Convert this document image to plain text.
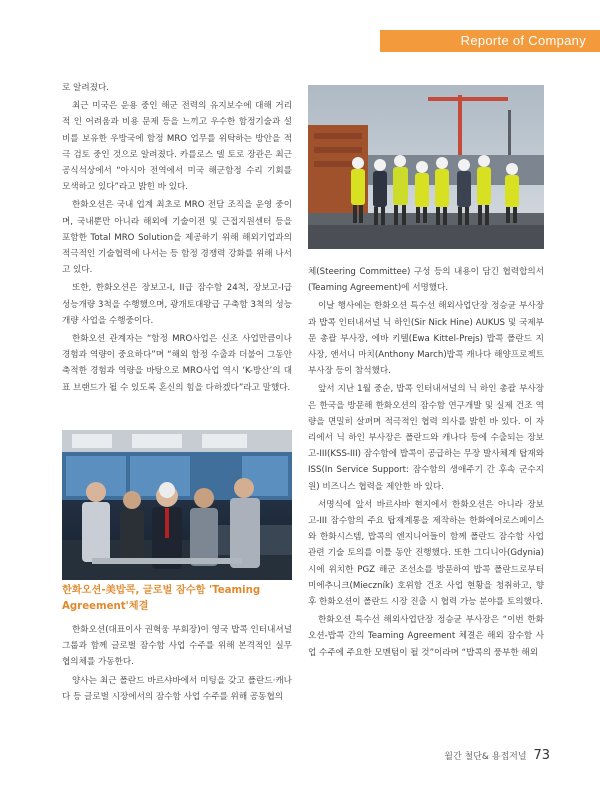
Reporte of Company

로 알려졌다.

최근 미국은 운용 중인 해군 전력의 유지보수에 대해 거리적 인 어려움과 비용 문제 등을 느끼고 우수한 함정기술과 설비를 보유한 우방국에 함정 MRO 업무를 위탁하는 방안을 적극 검토 중인 것으로 알려졌다. 카를로스 델 토로 장관은 최근 공식석상에서 “아시아 전역에서 미국 해군함정 수리 기회를 모색하고 있다”라고 밝힌 바 있다.

한화오션은 국내 업계 최초로 MRO 전담 조직을 운영 중이며, 국내뿐만 아니라 해외에 기술이전 및 근접지원센터 등을 포함한 Total MRO Solution을 제공하기 위해 해외기업과의 적극적인 기술협력에 나서는 등 함정 경쟁력 강화를 위해 나서고 있다.

또한, 한화오션은 장보고-I, II급 잠수함 24척, 장보고-I급 성능개량 3척을 수행했으며, 광개토대왕급 구축함 3척의 성능개량 사업을 수행중이다.

한화오션 관계자는 “함정 MRO사업은 신조 사업만큼이나 경험과 역량이 중요하다”며 “해외 함정 수출과 더불어 그동안 축적한 경험과 역량을 바탕으로 MRO사업 역시 ‘K-방산’의 대표 브랜드가 될 수 있도록 혼신의 힘을 다하겠다”라고 말했다.

한화오션-美밥콕, 글로벌 잠수함 'Teaming Agreement'체결

한화오션(대표이사 권혁웅 부회장)이 영국 밥콕 인터내셔널 그룹과 함께 글로벌 잠수함 사업 수주를 위해 본격적인 실무 협의체를 가동한다.

양사는 최근 폴란드 바르샤바에서 미팅을 갖고 폴란드·캐나다 등 글로벌 시장에서의 잠수함 사업 수주를 위해 공동협의

체(Steering Committee) 구성 등의 내용이 담긴 협력합의서(Teaming Agreement)에 서명했다.

이날 행사에는 한화오션 특수선 해외사업단장 정승균 부사장과 밥콕 인터내셔널 닉 하인(Sir Nick Hine) AUKUS 및 국제부문 총괄 부사장, 에바 키텔(Ewa Kittel-Prejs) 밥콕 폴란드 지사장, 앤서니 마치(Anthony March)밥콕 캐나다 해양프로젝트 부사장 등이 참석했다.

앞서 지난 1월 중순, 밥콕 인터내셔널의 닉 하인 총괄 부사장은 한국을 방문해 한화오션의 잠수함 연구개발 및 실제 건조 역량을 면밀히 살펴며 적극적인 협력 의사를 밝힌 바 있다. 이 자리에서 닉 하인 부사장은 폴란드와 캐나다 등에 수출되는 장보고-III(KSS-III) 잠수함에 밥콕이 공급하는 무장 발사체계 탑재와 ISS(In Service Support: 잠수함의 생애주기 간 후속 군수지원) 비즈니스 협력을 제안한 바 있다.

서명식에 앞서 바르샤바 현지에서 한화오션은 아니라 장보고-III 잠수함의 주요 탑재계통을 제작하는 한화에어로스페이스와 한화시스템, 밥콕의 엔지니어들이 함께 폴란드 잠수함 사업 관련 기술 토의를 이틀 동안 진행했다. 또한 그디니아(Gdynia)시에 위치한 PGZ 해군 조선소를 방문하여 밥콕 폴란드로부터 미에추니크(Mieczník) 호위함 건조 사업 현황을 청취하고, 향후 한화오션이 폴란드 시장 진출 시 협력 가능 분야를 토의했다.

한화오션 특수선 해외사업단장 정승균 부사장은 “이번 한화오션-밥콕 간의 Teaming Agreement 체결은 해외 잠수함 사업 수주에 주요한 모멘텀이 될 것”이라며 “밥콕의 풍부한 해외

월간 철단& 용접저널 73
